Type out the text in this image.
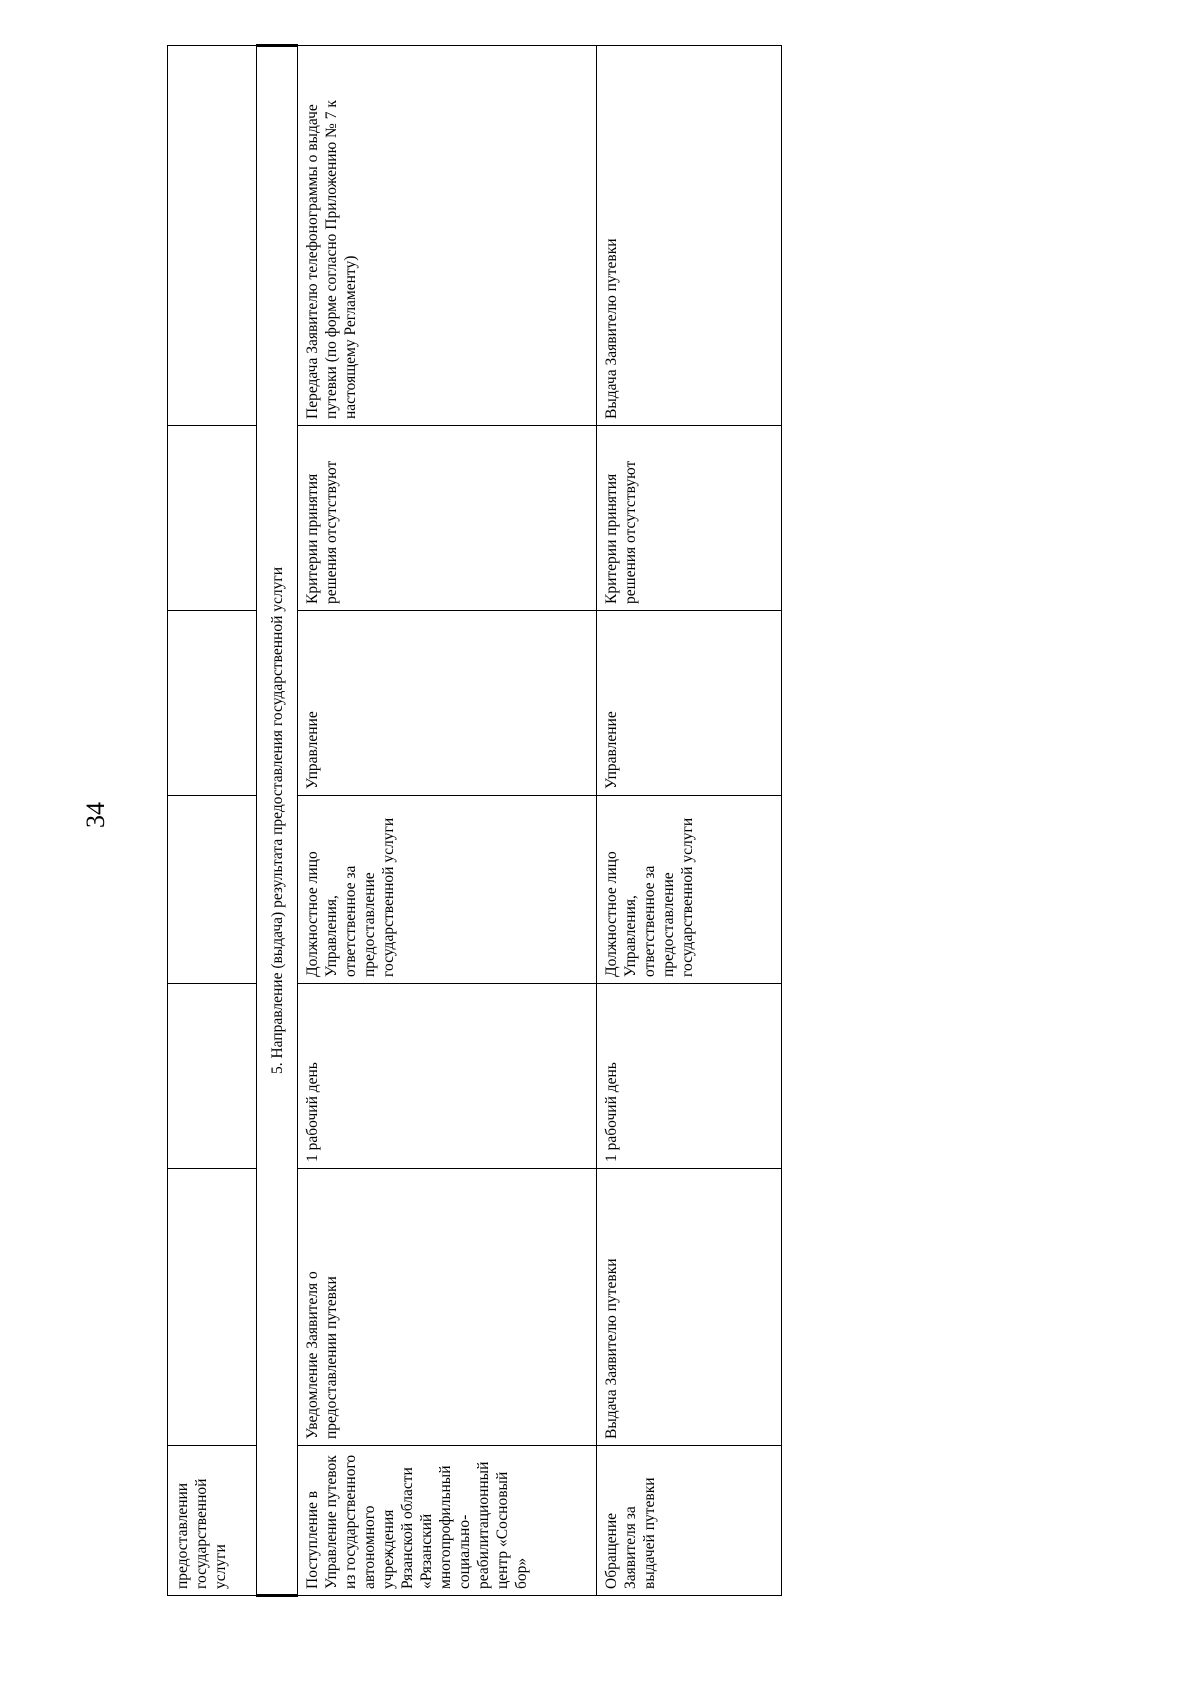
34
предоставлении государственной услуги						
5. Направление (выдача) результата предоставления государственной услуги						
Поступление в Управление путевок из государственного автономного учреждения Рязанской области «Рязанский многопрофильный социально-реабилитационный центр «Сосновый бор»	Уведомление Заявителя о предоставлении путевки	1 рабочий день	Должностное лицо Управления, ответственное за предоставление государственной услуги	Управление	Критерии принятия решения отсутствуют	Передача Заявителю телефонограммы о выдаче путевки (по форме согласно Приложению № 7 к настоящему Регламенту)
Обращение Заявителя за выдачей путевки	Выдача Заявителю путевки	1 рабочий день	Должностное лицо Управления, ответственное за предоставление государственной услуги	Управление	Критерии принятия решения отсутствуют	Выдача Заявителю путевки
